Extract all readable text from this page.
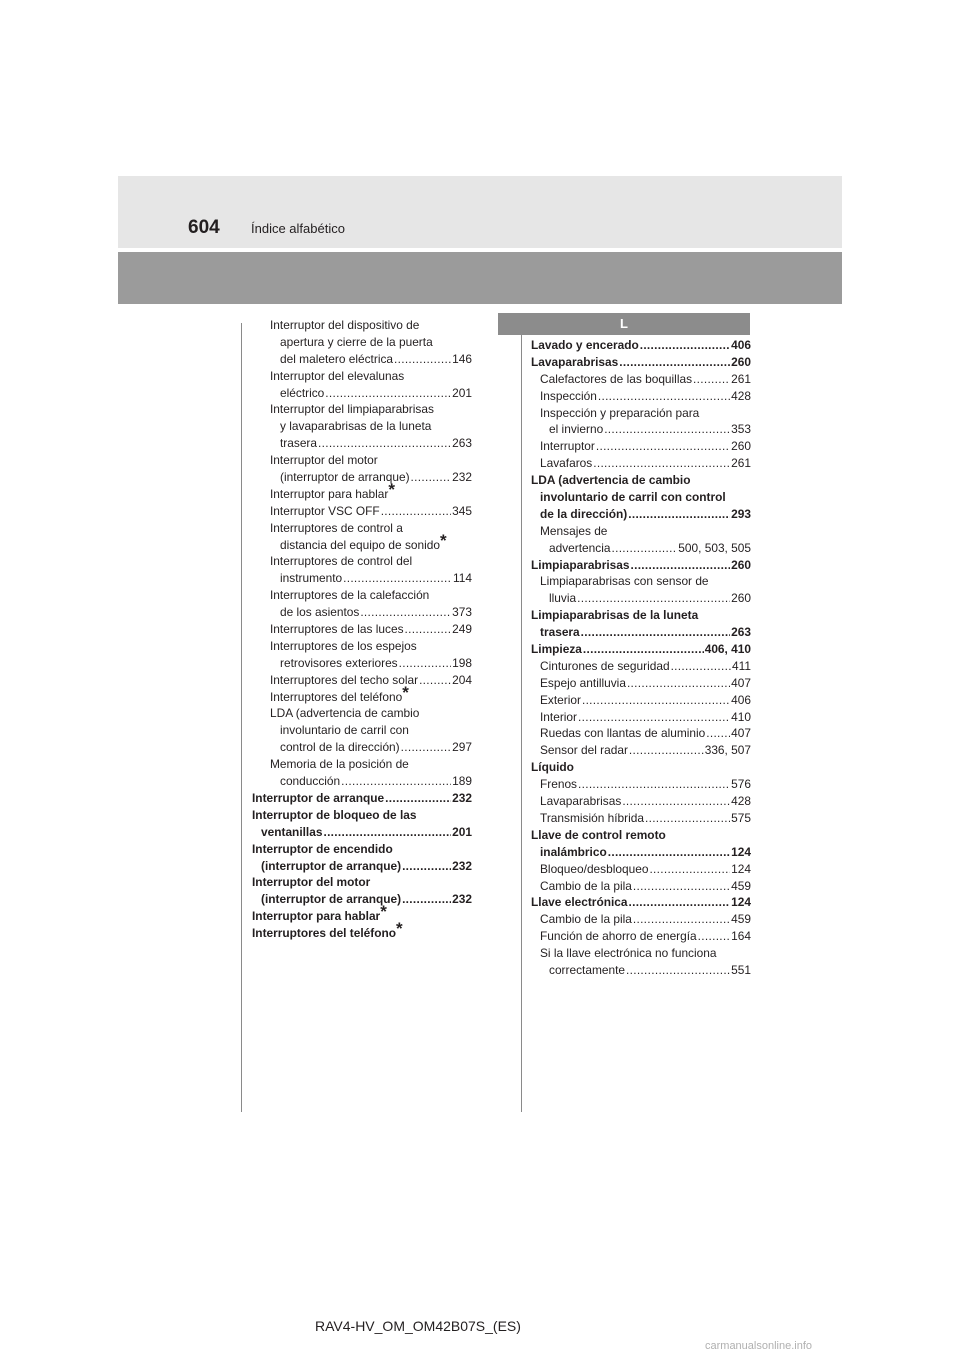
604 Índice alfabético
L
Interruptor del dispositivo de
apertura y cierre de la puerta
del maletero eléctrica .....	146
Interruptor del elevalunas
eléctrico .....	201
Interruptor del limpiaparabrisas
y lavaparabrisas de la luneta
trasera .....	263
Interruptor del motor
(interruptor de arranque) .....	232
Interruptor para hablar*
Interruptor VSC OFF .....	345
Interruptores de control a
distancia del equipo de sonido*
Interruptores de control del
instrumento .....	114
Interruptores de la calefacción
de los asientos .....	373
Interruptores de las luces .....	249
Interruptores de los espejos
retrovisores exteriores .....	198
Interruptores del techo solar .....	204
Interruptores del teléfono*
LDA (advertencia de cambio
involuntario de carril con
control de la dirección) .....	297
Memoria de la posición de
conducción .....	189
Interruptor de arranque .....	232
Interruptor de bloqueo de las
ventanillas .....	201
Interruptor de encendido
(interruptor de arranque) .....	232
Interruptor del motor
(interruptor de arranque) .....	232
Interruptor para hablar*
Interruptores del teléfono*
Lavado y encerado .....	406
Lavaparabrisas .....	260
Calefactores de las boquillas .....	261
Inspección .....	428
Inspección y preparación para
el invierno .....	353
Interruptor .....	260
Lavafaros .....	261
LDA (advertencia de cambio
involuntario de carril con control
de la dirección) .....	293
Mensajes de
advertencia .....	500, 503, 505
Limpiaparabrisas .....	260
Limpiaparabrisas con sensor de
lluvia .....	260
Limpiaparabrisas de la luneta
trasera .....	263
Limpieza .....	406, 410
Cinturones de seguridad .....	411
Espejo antilluvia .....	407
Exterior .....	406
Interior .....	410
Ruedas con llantas de aluminio ..... 407
Sensor del radar .....	336, 507
Líquido
Frenos .....	576
Lavaparabrisas .....	428
Transmisión híbrida .....	575
Llave de control remoto
inalámbrico .....	124
Bloqueo/desbloqueo .....	124
Cambio de la pila .....	459
Llave electrónica .....	124
Cambio de la pila .....	459
Función de ahorro de energía .....	164
Si la llave electrónica no funciona
correctamente .....	551
RAV4-HV_OM_OM42B07S_(ES)
carmanualsonline.info
